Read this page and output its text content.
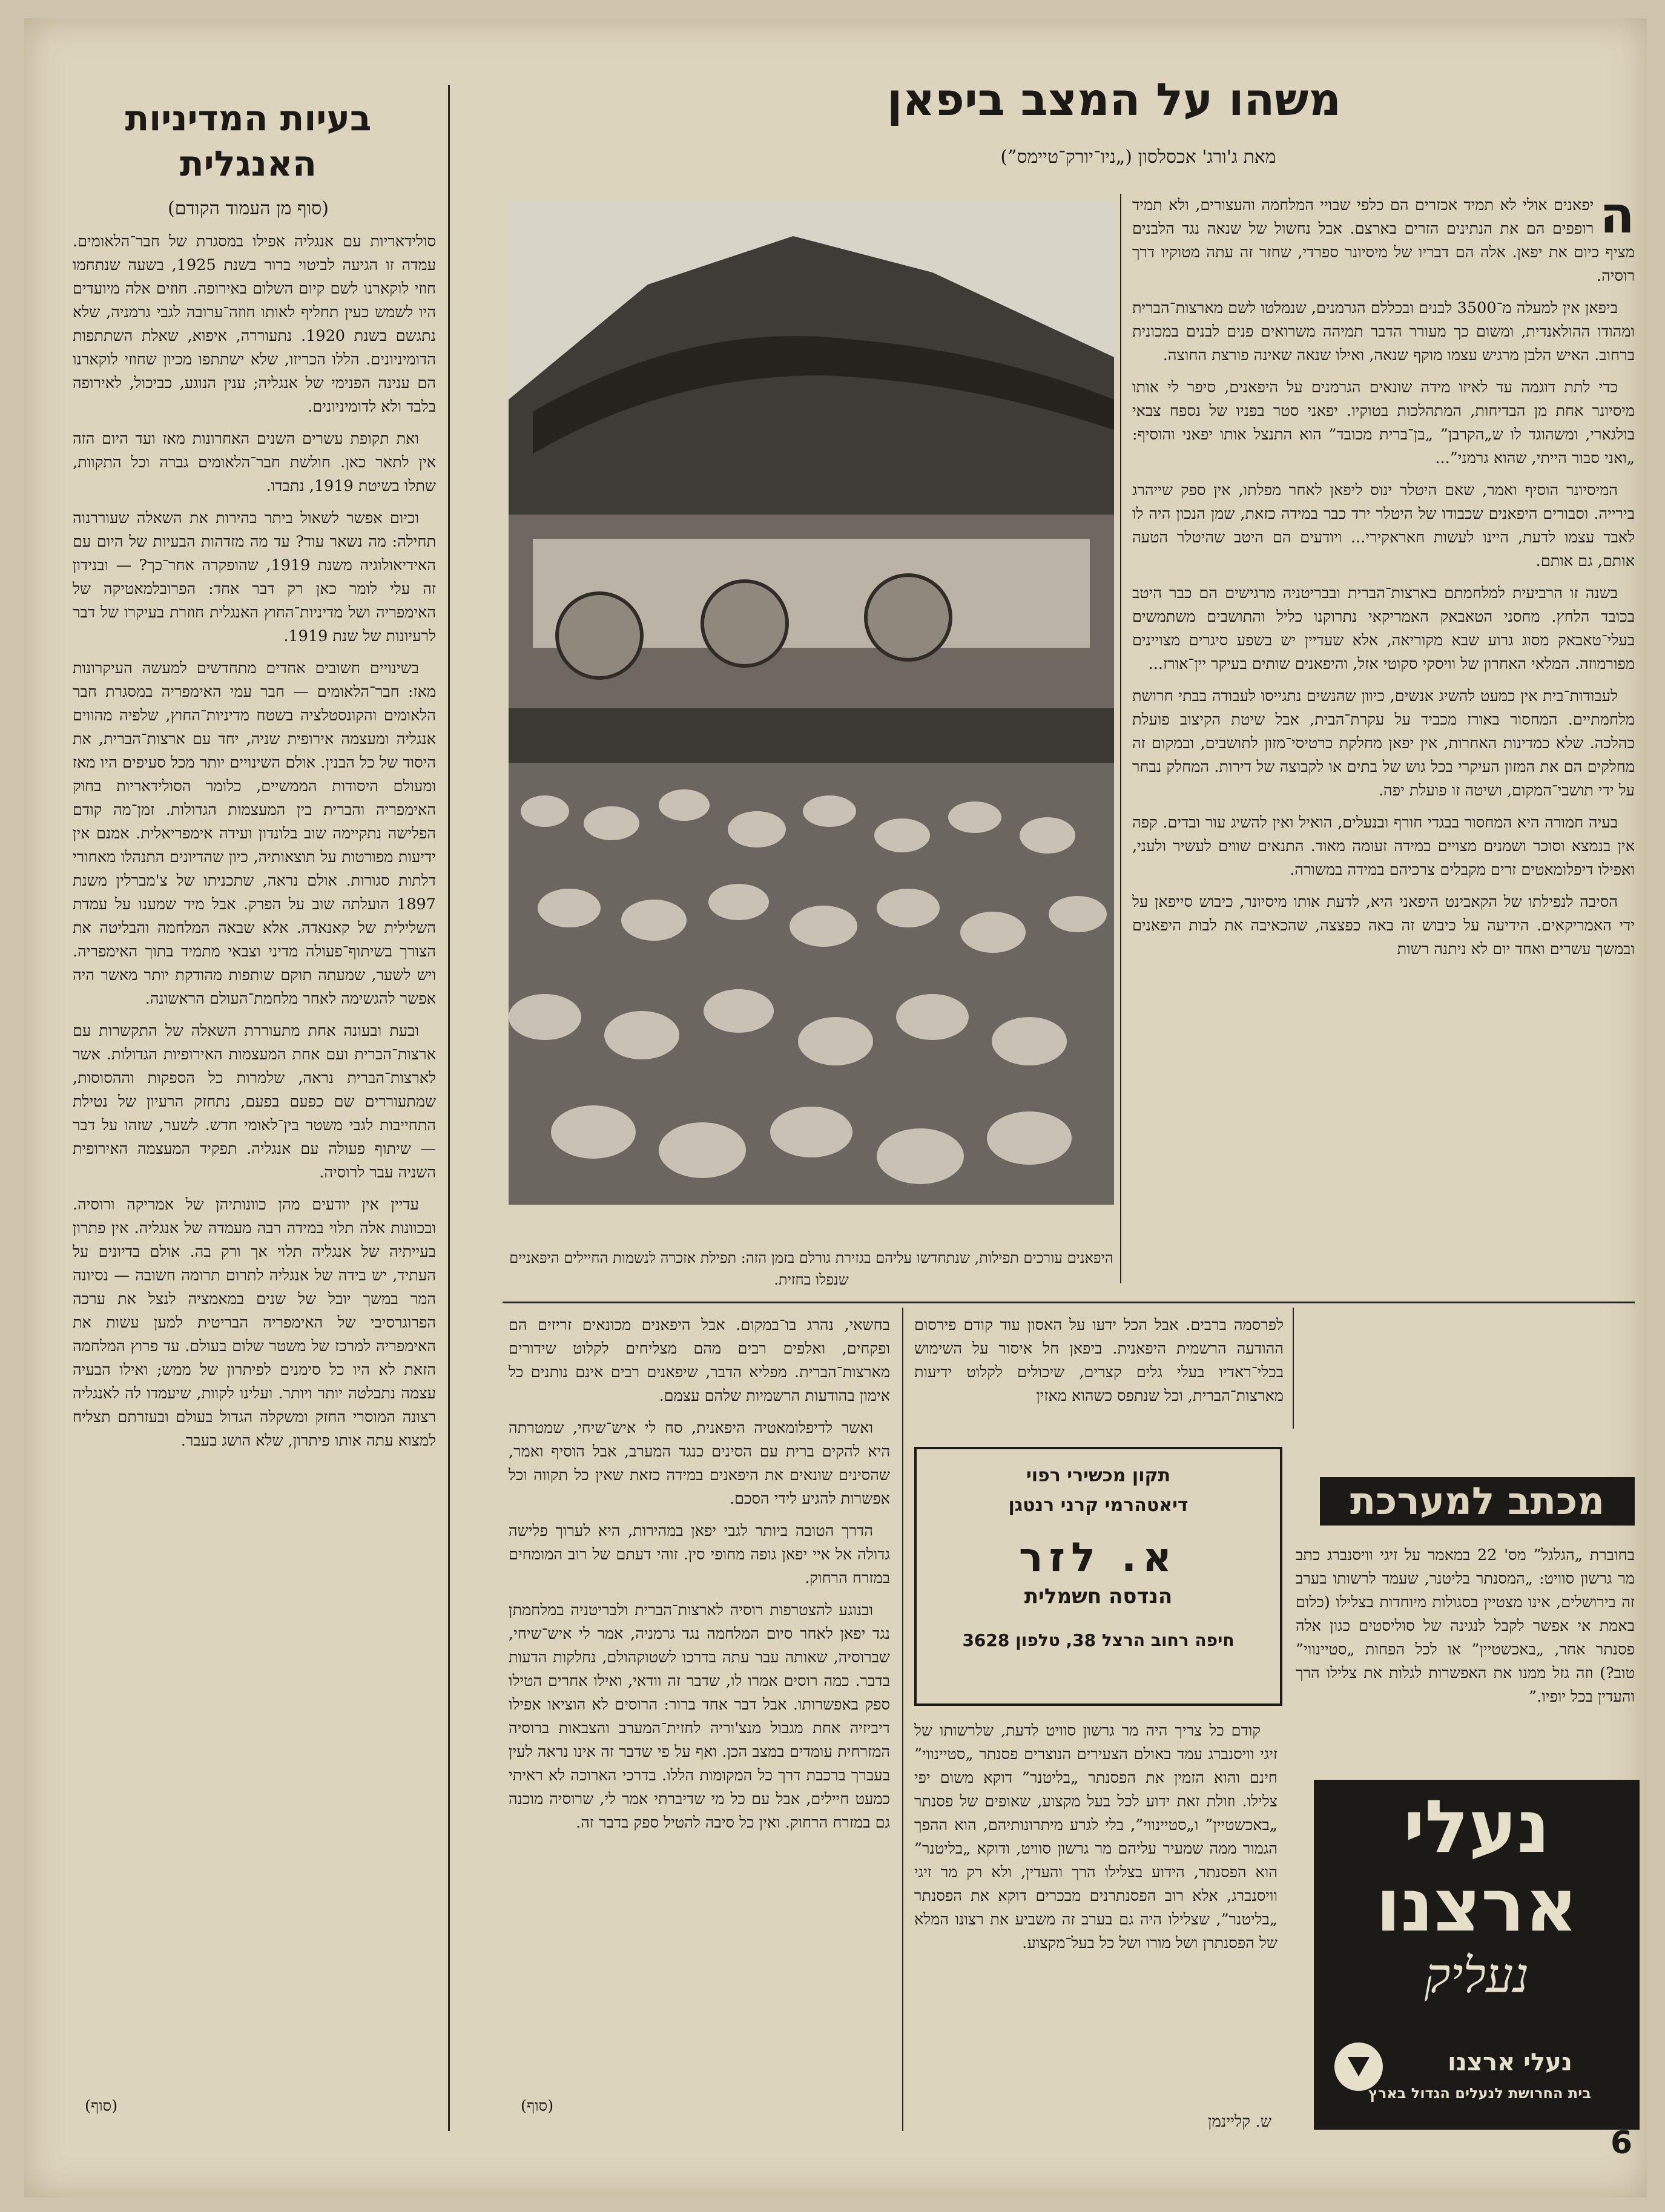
משהו על המצב ביפאן
מאת ג'ורג' אכסלסון („ניו־יורק־טיימס”)
בעיות המדיניות
האנגלית
(סוף מן העמוד הקודם)	ה

יפאנים אולי לא תמיד אכזרים הם כלפי שבויי המלחמה והעצורים, ולא תמיד רופפים הם את הנתינים הזרים בארצם. אבל נחשול של שנאה נגד הלבנים מציף כיום את יפאן. אלה הם דבריו של מיסיונר ספרדי, שחזר זה עתה מטוקיו דרך רוסיה.

ביפאן אין למעלה מ־3500 לבנים ובכללם הגרמנים, שנמלטו לשם מארצות־הברית ומהודו ההולאנדית, ומשום כך מעורר הדבר תמיהה משרואים פנים לבנים במכונית ברחוב. האיש הלבן מרגיש עצמו מוקף שנאה, ואילו שנאה שאינה פורצת החוצה.

כדי לתת דוגמה עד לאיזו מידה שונאים הגרמנים על היפאנים, סיפר לי אותו מיסיונר אחת מן הבדיחות, המתהלכות בטוקיו. יפאני סטר בפניו של נספח צבאי בולגארי, ומשהוגד לו ש„הקרבן” „בן־ברית מכובד” הוא התנצל אותו יפאני והוסיף: „ואני סבור הייתי, שהוא גרמני”...

המיסיונר הוסיף ואמר, שאם היטלר ינוס ליפאן לאחר מפלתו, אין ספק שייהרג בירייה. וסבורים היפאנים שכבודו של היטלר ירד כבר במידה כזאת, שמן הנכון היה לו לאבד עצמו לדעת, היינו לעשות חאראקירי... ויודעים הם היטב שהיטלר הטעה אותם, גם אותם.

בשנה זו הרביעית למלחמתם בארצות־הברית ובבריטניה מרגישים הם כבר היטב בכובד הלחץ. מחסני הטאבאק האמריקאי נתרוקנו כליל והתושבים משתמשים בעלי־טאבאק מסוג גרוע שבא מקוריאה, אלא שעדיין יש בשפע סיגרים מצויינים מפורמוזה. המלאי האחרון של וויסקי סקוטי אזל, והיפאנים שותים בעיקר יין־אורז...

לעבודות־בית אין כמעט להשיג אנשים, כיוון שהנשים נתגייסו לעבודה בבתי חרושת מלחמתיים. המחסור באורז מכביד על עקרת־הבית, אבל שיטת הקיצוב פועלת כהלכה. שלא כמדינות האחרות, אין יפאן מחלקת כרטיסי־מזון לתושבים, ובמקום זה מחלקים הם את המזון העיקרי בכל גוש של בתים או לקבוצה של דירות. המחלק נבחר על ידי תושבי־המקום, ושיטה זו פועלת יפה.

בעיה חמורה היא המחסור בבגדי חורף ובנעלים, הואיל ואין להשיג עור ובדים. קפה אין בנמצא וסוכר ושמנים מצויים במידה זעומה מאוד. התנאים שווים לעשיר ולעני, ואפילו דיפלומאטים זרים מקבלים צרכיהם במידה במשורה.

הסיבה לנפילתו של הקאבינט היפאני היא, לדעת אותו מיסיונר, כיבוש סייפאן על ידי האמריקאים. הידיעה על כיבוש זה באה כפצצה, שהכאיבה את לבות היפאנים ובמשך עשרים ואחד יום לא ניתנה רשות

היפאנים עורכים תפילות, שנתחדשו עליהם בגזירת גורלם בזמן הזה: תפילת אזכרה לנשמות החיילים היפאניים שנפלו בחזית.

לפרסמה ברבים. אבל הכל ידעו על האסון עוד קודם פירסום ההודעה הרשמית היפאנית. ביפאן חל איסור על השימוש בכלי־ראדיו בעלי גלים קצרים, שיכולים לקלוט ידיעות מארצות־הברית, וכל שנתפס כשהוא מאזין

בחשאי, נהרג בו־במקום. אבל היפאנים מכונאים זריזים הם ופקחים, ואלפים רבים מהם מצליחים לקלוט שידורים מארצות־הברית. מפליא הדבר, שיפאנים רבים אינם נותנים כל אימון בהודעות הרשמיות שלהם עצמם.

ואשר לדיפלומאטיה היפאנית, סח לי איש־שיחי, שמטרתה היא להקים ברית עם הסינים כנגד המערב, אבל הוסיף ואמר, שהסינים שונאים את היפאנים במידה כזאת שאין כל תקווה וכל אפשרות להגיע לידי הסכם.

הדרך הטובה ביותר לגבי יפאן במהירות, היא לערוך פלישה גדולה אל איי יפאן גופה מחופי סין. זוהי דעתם של רוב המומחים במזרח הרחוק.

ובנוגע להצטרפות רוסיה לארצות־הברית ולבריטניה במלחמתן נגד יפאן לאחר סיום המלחמה נגד גרמניה, אמר לי איש־שיחי, שברוסיה, שאותה עבר עתה בדרכו לשטוקהולם, נחלקות הדעות בדבר. כמה רוסים אמרו לו, שדבר זה וודאי, ואילו אחרים הטילו ספק באפשרותו. אבל דבר אחד ברור: הרוסים לא הוציאו אפילו דיביזיה אחת מגבול מנצ'וריה לחזית־המערב והצבאות ברוסיה המזרחית עומדים במצב הכן. ואף על פי שדבר זה אינו נראה לעין בעברך ברכבת דרך כל המקומות הללו. בדרכי הארוכה לא ראיתי כמעט חיילים, אבל עם כל מי שדיברתי אמר לי, שרוסיה מוכנה גם במזרח הרחוק. ואין כל סיבה להטיל ספק בדבר זה.

(סוף)

סולידאריות עם אנגליה אפילו במסגרת של חבר־הלאומים. עמדה זו הגיעה לביטוי ברור בשנת 1925, בשעה שנתחמו חוזי לוקארנו לשם קיום השלום באירופה. חוזים אלה מיועדים היו לשמש כעין תחליף לאותו חוזה־ערובה לגבי גרמניה, שלא נתגשם בשנת 1920. נתעוררה, איפוא, שאלת השתתפות הדומיניונים. הללו הכריזו, שלא ישתתפו מכיון שחוזי לוקארנו הם ענינה הפנימי של אנגליה; ענין הנוגע, כביכול, לאירופה בלבד ולא לדומיניונים.

ואת תקופת עשרים השנים האחרונות מאז ועד היום הזה אין לתאר כאן. חולשת חבר־הלאומים גברה וכל התקוות, שתלו בשיטת 1919, נתבדו.

וכיום אפשר לשאול ביתר בהירות את השאלה שעוררנוה תחילה: מה נשאר עוד? עד מה מזדהות הבעיות של היום עם האידיאולוגיה משנת 1919, שהופקרה אחר־כך? — ובנידון זה עלי לומר כאן רק דבר אחד: הפרובלמאטיקה של האימפריה ושל מדיניות־החוץ האנגלית חוזרת בעיקרו של דבר לרעיונות של שנת 1919.

בשינויים חשובים אחדים מתחדשים למעשה העיקרונות מאז: חבר־הלאומים — חבר עמי האימפריה במסגרת חבר הלאומים והקונסטלציה בשטח מדיניות־החוץ, שלפיה מהווים אנגליה ומעצמה אירופית שניה, יחד עם ארצות־הברית, את היסוד של כל הבנין. אולם השינויים יותר מכל סעיפים היו מאז ומעולם היסודות הממשיים, כלומר הסולידאריות בחוק האימפריה והברית בין המעצמות הגדולות. זמן־מה קודם הפלישה נתקיימה שוב בלונדון ועידה אימפריאלית. אמנם אין ידיעות מפורטות על תוצאותיה, כיון שהדיונים התנהלו מאחורי דלתות סגורות. אולם נראה, שתכניתו של צ'מברלין משנת 1897 הועלתה שוב על הפרק. אבל מיד שמענו על עמדת השלילית של קאנאדה. אלא שבאה המלחמה והבליטה את הצורך בשיתוף־פעולה מדיני וצבאי מתמיד בתוך האימפריה. ויש לשער, שמעתה תוקם שותפות מהודקת יותר מאשר היה אפשר להגשימה לאחר מלחמת־העולם הראשונה.

ובעת ובעונה אחת מתעוררת השאלה של התקשרות עם ארצות־הברית ועם אחת המעצמות האירופיות הגדולות. אשר לארצות־הברית נראה, שלמרות כל הספקות וההסוסות, שמתעוררים שם כפעם בפעם, נתחזק הרעיון של נטילת התחייבות לגבי משטר בין־לאומי חדש. לשער, שזהו על דבר — שיתוף פעולה עם אנגליה. תפקיד המעצמה האירופית השניה עבר לרוסיה.

עדיין אין יודעים מהן כוונותיהן של אמריקה ורוסיה. ובכוונות אלה תלוי במידה רבה מעמדה של אנגליה. אין פתרון בעייתיה של אנגליה תלוי אך ורק בה. אולם בדיונים על העתיד, יש בידה של אנגליה לתרום תרומה חשובה — נסיונה המר במשך יובל של שנים במאמציה לנצל את ערכה הפרוגרסיבי של האימפריה הבריטית למען עשות את האימפריה למרכז של משטר שלום בעולם. עד פרוץ המלחמה הזאת לא היו כל סימנים לפיתרון של ממש; ואילו הבעיה עצמה נתבלטה יותר ויותר. ועלינו לקוות, שיעמדו לה לאנגליה רצונה המוסרי החזק ומשקלה הגדול בעולם ובעזרתם תצליח למצוא עתה אותו פיתרון, שלא הושג בעבר.

(סוף)
תקון מכשירי רפוי
דיאטהרמי קרני רנטגן
א. לזר
הנדסה חשמלית
חיפה רחוב הרצל 38, טלפון 3628
מכתב למערכת

בחוברת „הגלגל” מס' 22 במאמר על זיגי וויסנברג כתב מר גרשון סוויט: „המסנתר בליטנר, שעמד לרשותו בערב זה בירושלים, אינו מצטיין בסגולות מיוחדות בצלילו (כלום באמת אי אפשר לקבל לנגינה של סוליסטים כגון אלה פסנתר אחר, „באכשטיין” או לכל הפחות „סטיינווי” טוב?) וזה גזל ממנו את האפשרות לגלות את צלילו הרך והעדין בכל יופיו.”

קודם כל צריך היה מר גרשון סוויט לדעת, שלרשותו של זיגי וויסנברג עמד באולם הצעירים הנוצרים פסנתר „סטיינווי” חינם והוא הזמין את הפסנתר „בליטנר” דוקא משום יפי צלילו. וזולת זאת ידוע לכל בעל מקצוע, שאופים של פסנתר „באכשטיין” ו„סטיינווי”, בלי לגרע מיתרונותיהם, הוא ההפך הגמור ממה שמעיר עליהם מר גרשון סוויט, ודוקא „בליטנר” הוא הפסנתר, הידוע בצלילו הרך והעדין, ולא רק מר זיגי וויסנברג, אלא רוב הפסנתרנים מבכרים דוקא את הפסנתר „בליטנר”, שצלילו היה גם בערב זה משביע את רצונו המלא של הפסנתרן ושל מורו ושל כל בעל־מקצוע.

ש. קליינמן
נעלי
ארצנו
נעליק
נעלי ארצנו
בית החרושת לנעלים הגדול בארץ
6
